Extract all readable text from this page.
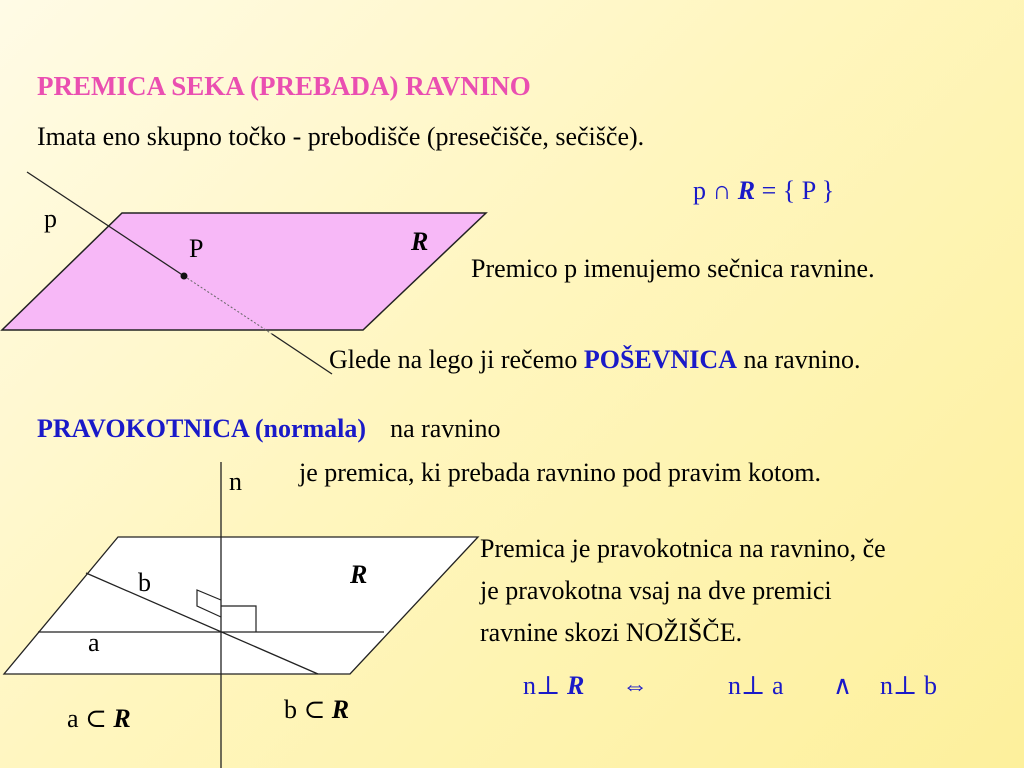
PREMICA SEKA (PREBADA) RAVNINO
Imata eno skupno točko - prebodišče (presečišče, sečišče).
p ∩ R = { P }
p
P	R
Premico p imenujemo sečnica ravnine.
Glede na lego ji rečemo POŠEVNICA na ravnino.
PRAVOKOTNICA (normala) na ravnino
je premica, ki prebada ravnino pod pravim kotom.
n
b
a
R
Premica je pravokotnica na ravnino, če
je pravokotna vsaj na dve premici
ravnine skozi NOŽIŠČE.
n⊥ R ⇔	n⊥ a ∧ n⊥ b
a ⊂ R	b ⊂ R
